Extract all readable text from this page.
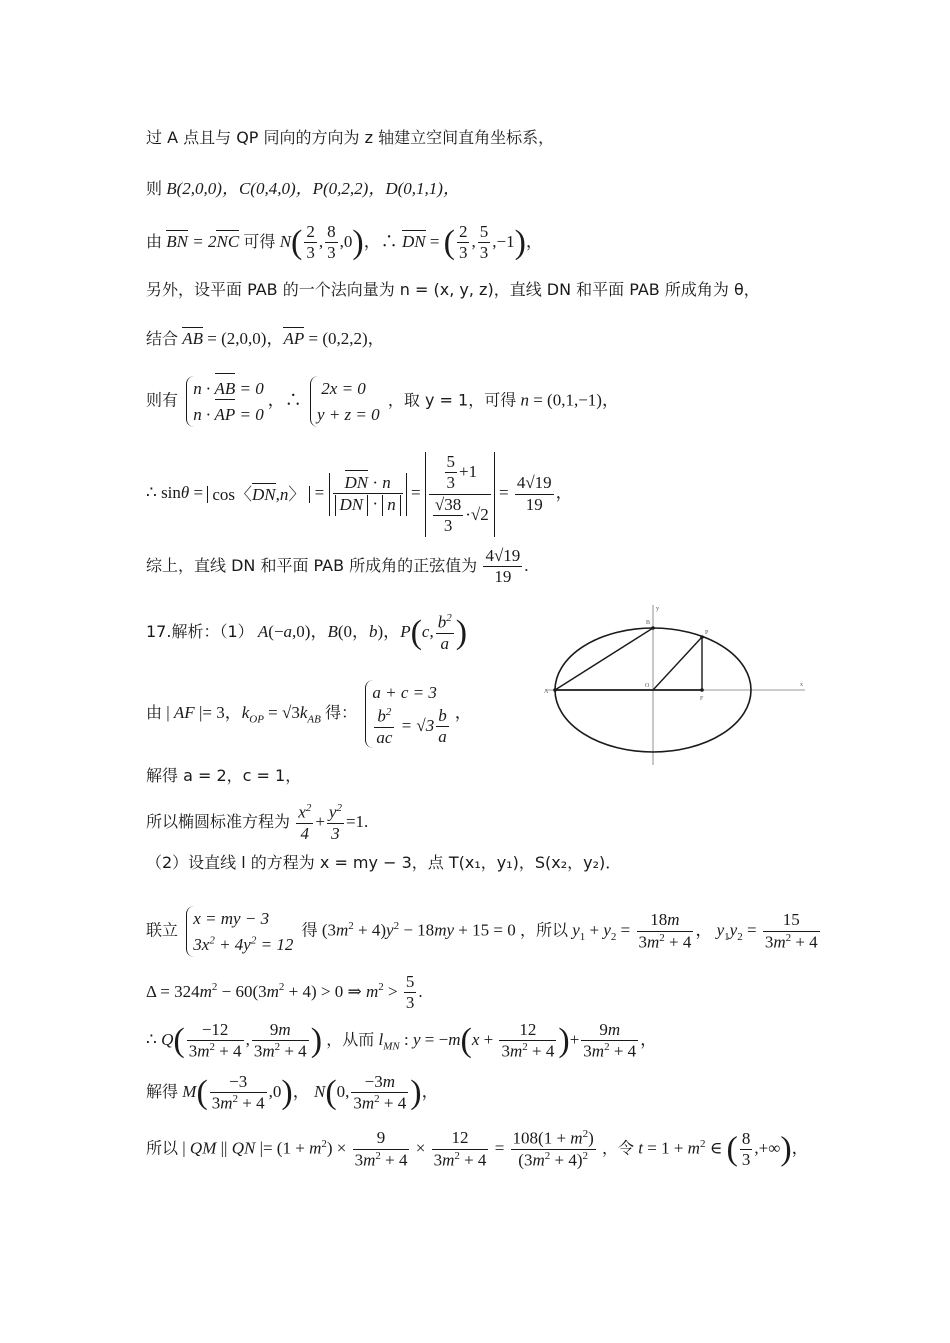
过 A 点且与 QP 同向的方向为 z 轴建立空间直角坐标系，
则 B(2,0,0)，C(0,4,0)，P(0,2,2)，D(0,1,1)，
由 BN = 2NC 可得 $N( \frac{2}{3}$ , $\frac{8}{3} ,0$)，∴ DN = ( $\frac{2}{3}$ , $\frac{5}{3} ,-1$)，
另外，设平面 PAB 的一个法向量为 n = (x, y, z)，直线 DN 和平面 PAB 所成角为 θ，
结合 AB = (2,0,0)，AP = (0,2,2)，
则有
n · AB = 0
n · AP = 0
，∴
2x = 0
y + z = 0
，取 y = 1，可得 n = (0,1,−1)，
∴ sinθ = cos〈DN,n〉 = $\frac{DN \cdot n}{DN \cdot n} = \frac{\frac{5}{3} +1}{\frac{√38}{3} \cdot√2} = \frac{4√19}{19}$ ，
综上，直线 DN 和平面 PAB 所成角的正弦值为 $\frac{4√19}{19}$ .
17.解析：（1） A(−a,0)，B(0，b)，P(c, $\frac{b^2}{a}$ )
由 | AF |= 3，$k_{OP} = √3k_{AB}$ 得：
a + c = 3
$\frac{b^2}{ac} = √3 \frac{b}{a}$ ，
解得 a = 2，c = 1，
所以椭圆标准方程为 $\frac{x^2}{4} + \frac{y^2}{3} =1$.
（2）设直线 l 的方程为 x = my − 3，点 T(x₁，y₁)，S(x₂，y₂)．
联立
x = my − 3
$3x^2 + 4y^2 = 12$
得 $(3m^2 + 4)y^2 - 18my + 15 = 0$ ，所以 $y_1 + y_2 = \frac{18m}{3m^2 + 4}$ ， $y_1y_2 = \frac{15}{3m^2 + 4}$
$\Delta = 324m^2 - 60(3m^2 + 4) > 0$ ⇒ $m^2 > \frac{5}{3}$ .
∴ $Q( \frac{-12}{3m^2 + 4}$ , $\frac{9m}{3m^2 + 4}$ ) ，从而 $l_{MN}$ : $y = -m(x + \frac{12}{3m^2 + 4}$ )+ $\frac{9m}{3m^2 + 4}$ ，
解得 $M( \frac{-3}{3m^2 + 4} ,0)$， N(0, $\frac{-3m}{3m^2 + 4}$ )，
所以 | QM || QN |= $(1 + m^2) \times \frac{9}{3m^2 + 4} \times \frac{12}{3m^2 + 4} = \frac{108(1 + m^2)}{(3m^2 + 4)^2}$ ，令 $t = 1 + m^2$ ∈ ( $\frac{8}{3}$ ,+∞)，
A
O
F
x
y
P
B
